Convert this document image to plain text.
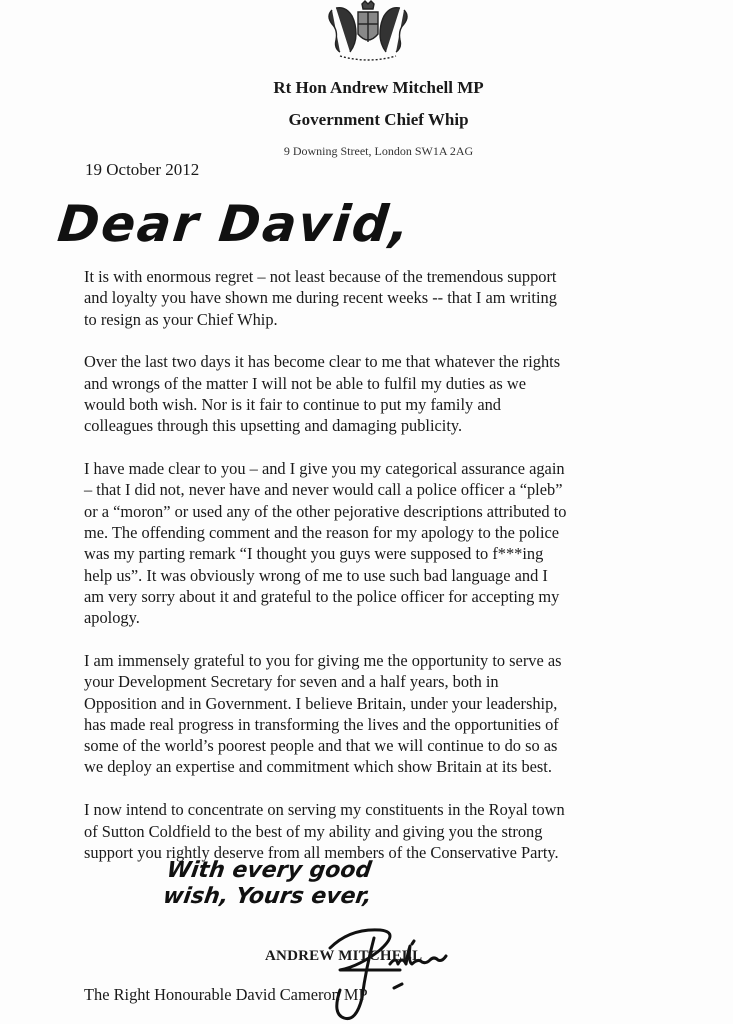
Rt Hon Andrew Mitchell MP
Government Chief Whip
9 Downing Street, London SW1A 2AG
19 October 2012
Dear David,

It is with enormous regret – not least because of the tremendous support
and loyalty you have shown me during recent weeks -- that I am writing
to resign as your Chief Whip.

Over the last two days it has become clear to me that whatever the rights
and wrongs of the matter I will not be able to fulfil my duties as we
would both wish. Nor is it fair to continue to put my family and
colleagues through this upsetting and damaging publicity.

I have made clear to you – and I give you my categorical assurance again
– that I did not, never have and never would call a police officer a “pleb”
or a “moron” or used any of the other pejorative descriptions attributed to
me. The offending comment and the reason for my apology to the police
was my parting remark “I thought you guys were supposed to f***ing
help us”. It was obviously wrong of me to use such bad language and I
am very sorry about it and grateful to the police officer for accepting my
apology.

I am immensely grateful to you for giving me the opportunity to serve as
your Development Secretary for seven and a half years, both in
Opposition and in Government. I believe Britain, under your leadership,
has made real progress in transforming the lives and the opportunities of
some of the world’s poorest people and that we will continue to do so as
we deploy an expertise and commitment which show Britain at its best.

I now intend to concentrate on serving my constituents in the Royal town
of Sutton Coldfield to the best of my ability and giving you the strong
support you rightly deserve from all members of the Conservative Party.

With every good wish, Yours ever,
ANDREW MITCHELL
The Right Honourable David Cameron MP
